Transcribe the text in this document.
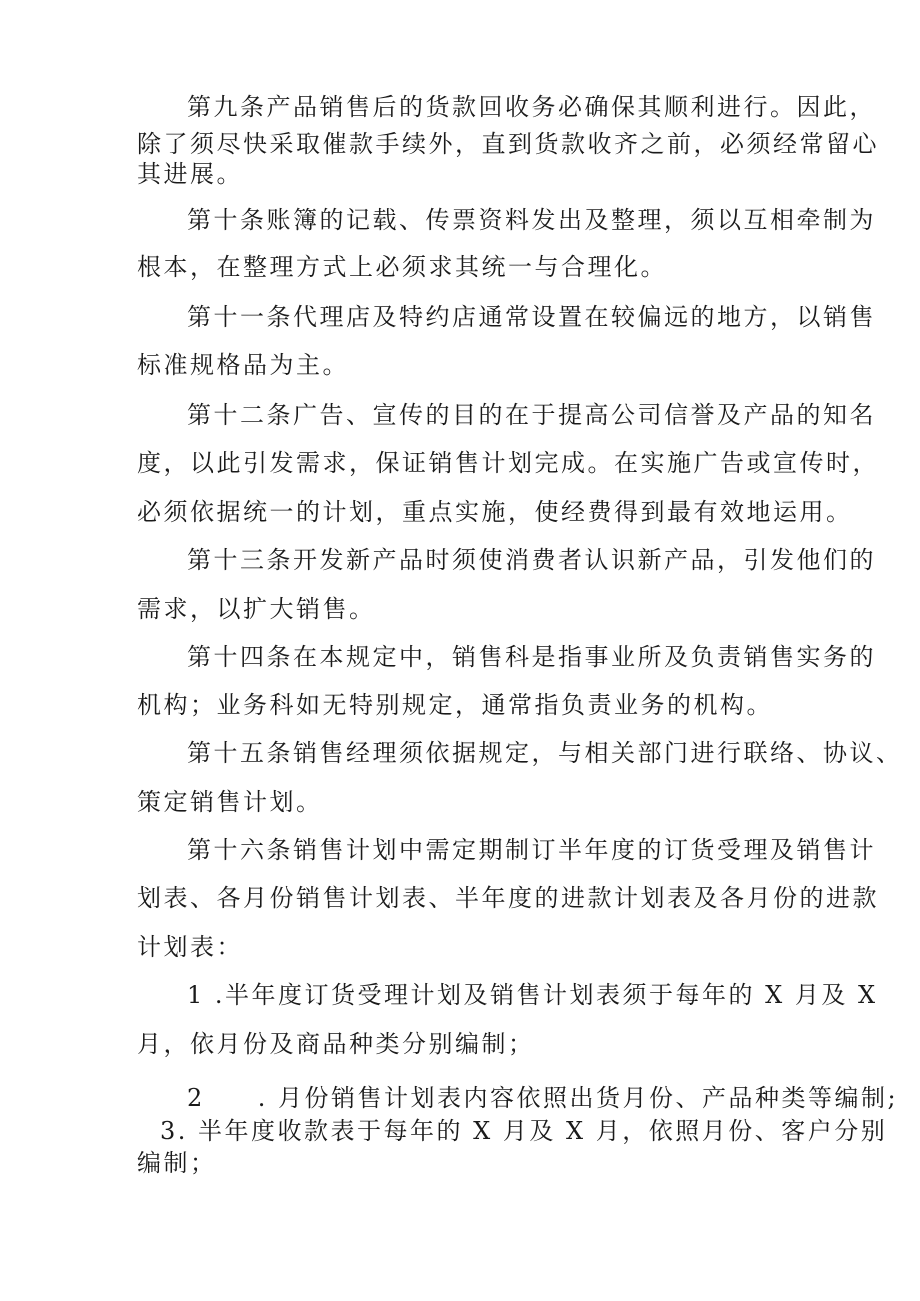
第九条产品销售后的货款回收务必确保其顺利进行。因此，
除了须尽快采取催款手续外，直到货款收齐之前，必须经常留心
其进展。
第十条账簿的记载、传票资料发出及整理，须以互相牵制为
根本，在整理方式上必须求其统一与合理化。
第十一条代理店及特约店通常设置在较偏远的地方，以销售
标准规格品为主。
第十二条广告、宣传的目的在于提高公司信誉及产品的知名
度，以此引发需求，保证销售计划完成。在实施广告或宣传时，
必须依据统一的计划，重点实施，使经费得到最有效地运用。
第十三条开发新产品时须使消费者认识新产品，引发他们的
需求，以扩大销售。
第十四条在本规定中，销售科是指事业所及负责销售实务的
机构；业务科如无特别规定，通常指负责业务的机构。
第十五条销售经理须依据规定，与相关部门进行联络、协议、
策定销售计划。
第十六条销售计划中需定期制订半年度的订货受理及销售计
划表、各月份销售计划表、半年度的进款计划表及各月份的进款
计划表：
1 .半年度订货受理计划及销售计划表须于每年的 X 月及 X
月，依月份及商品种类分别编制；
2　　. 月份销售计划表内容依照出货月份、产品种类等编制;
3. 半年度收款表于每年的 X 月及 X 月，依照月份、客户分别
编制；
